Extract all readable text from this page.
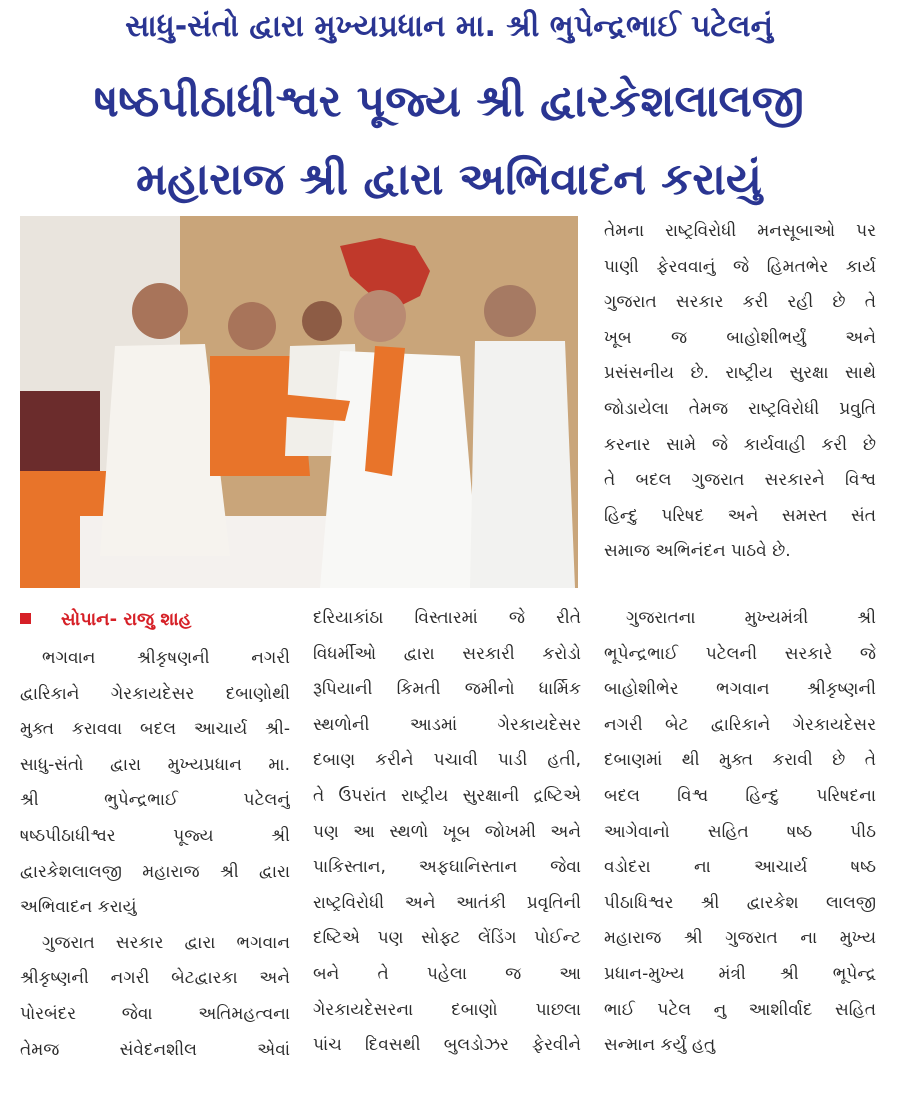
સાધુ-સંતો દ્વારા મુખ્યપ્રધાન મા. શ્રી ભુપેન્દ્રભાઈ પટેલનું
ષષ્ઠપીઠાધીશ્વર પૂજ્ય શ્રી દ્વારકેશલાલજી
મહારાજ શ્રી દ્વારા અભિવાદન કરાયું
તેમના રાષ્ટ્રવિરોધી મનસૂબાઓ પર
પાણી ફેરવવાનું જે હિમતભેર કાર્ય
ગુજરાત સરકાર કરી રહી છે તે
ખૂબ જ બાહોશીભર્યું અને
પ્રસંસનીય છે. રાષ્ટ્રીય સુરક્ષા સાથે
જોડાયેલા તેમજ રાષ્ટ્રવિરોધી પ્રવુતિ
કરનાર સામે જે કાર્યવાહી કરી છે
તે બદલ ગુજરાત સરકારને વિશ્વ
હિન્દુ પરિષદ અને સમસ્ત સંત
સમાજ અભિનંદન પાઠવે છે.
સોપાન- રાજુ શાહ
ભગવાન શ્રીકૃષણની નગરી
દ્વારિકાને ગેરકાયદેસર દબાણોથી
મુક્ત કરાવવા બદલ આચાર્ય શ્રી-
સાધુ-સંતો દ્વારા મુખ્યપ્રધાન મા.
શ્રી ભુપેન્દ્રભાઈ પટેલનું
ષષ્ઠપીઠાધીશ્વર પૂજ્ય શ્રી
દ્વારકેશલાલજી મહારાજ શ્રી દ્વારા
અભિવાદન કરાયું
ગુજરાત સરકાર દ્વારા ભગવાન
શ્રીકૃષ્ણની નગરી બેટદ્વારકા અને
પોરબંદર જેવા અતિમહત્વના
તેમજ સંવેદનશીલ એવાં
દરિયાકાંઠા વિસ્તારમાં જે રીતે
વિધર્મીઓ દ્વારા સરકારી કરોડો
રૂપિયાની કિમતી જમીનો ધાર્મિક
સ્થળોની આડમાં ગેરકાયદેસર
દબાણ કરીને પચાવી પાડી હતી,
તે ઉપરાંત રાષ્ટ્રીય સુરક્ષાની દ્રષ્ટિએ
પણ આ સ્થળો ખૂબ જોખમી અને
પાકિસ્તાન, અફઘાનિસ્તાન જેવા
રાષ્ટ્રવિરોધી અને આતંકી પ્રવૃતિની
દષ્ટિએ પણ સોફ્ટ લેંડિંગ પોઈન્ટ
બને તે પહેલા જ આ
ગેરકાયદેસરના દબાણો પાછલા
પાંચ દિવસથી બુલડોઝર ફેરવીને
ગુજરાતના મુખ્યમંત્રી શ્રી
ભૂપેન્દ્રભાઈ પટેલની સરકારે જે
બાહોશીભેર ભગવાન શ્રીકૃષ્ણની
નગરી બેટ દ્વારિકાને ગેરકાયદેસર
દબાણમાં થી મુક્ત કરાવી છે તે
બદલ વિશ્વ હિન્દુ પરિષદના
આગેવાનો સહિત ષષ્ઠ પીઠ
વડોદરા ના આચાર્ય ષષ્ઠ
પીઠાધિશ્વર શ્રી દ્વારકેશ લાલજી
મહારાજ શ્રી ગુજરાત ના મુખ્ય
પ્રધાન-મુખ્ય મંત્રી શ્રી ભૂપેન્દ્ર
ભાઈ પટેલ નુ આશીર્વાદ સહિત
સન્માન કર્યું હતુ
